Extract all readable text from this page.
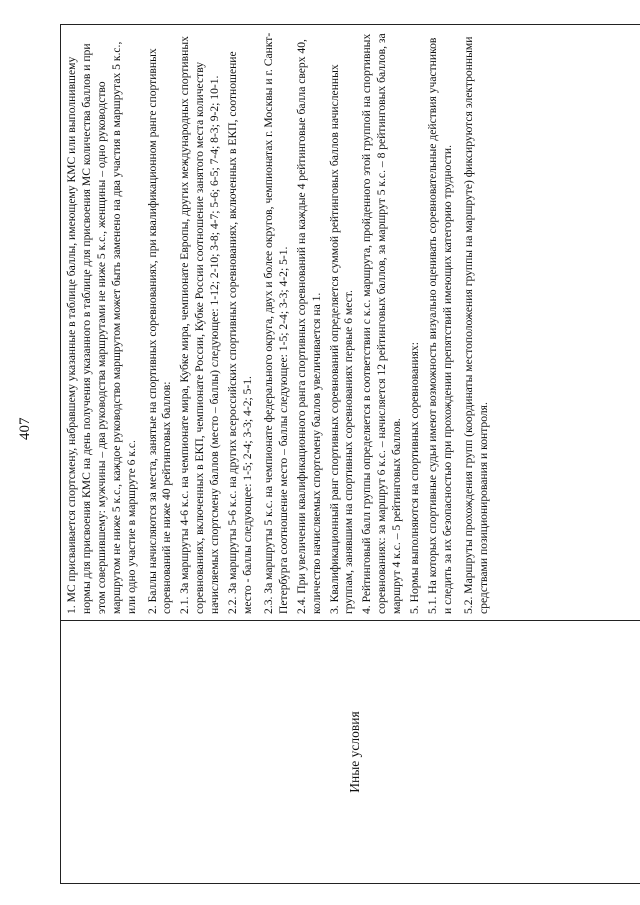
407
Иные условия

1. МС присваивается спортсмену, набравшему указанные в таблице баллы, имеющему КМС или выполнившему нормы для присвоения КМС на день получения указанного в таблице для присвоения МС количества баллов и при этом совершившему: мужчины – два руководства маршрутами не ниже 5 к.с., женщины – одно руководство маршрутом не ниже 5 к.с., каждое руководство маршрутом может быть заменено на два участия в маршрутах 5 к.с., или одно участие в маршруте 6 к.с. 2. Баллы начисляются за места, занятые на спортивных соревнованиях, при квалификационном ранге спортивных соревнований не ниже 40 рейтинговых баллов: 2.1. За маршруты 4-6 к.с. на чемпионате мира, Кубке мира, чемпионате Европы, других международных спортивных соревнованиях, включенных в ЕКП, чемпионате России, Кубке России соотношение занятого места количеству начисляемых спортсмену баллов (место – баллы) следующее: 1-12; 2-10; 3-8; 4-7; 5-6; 6-5; 7-4; 8-3; 9-2; 10-1. 2.2. За маршруты 5-6 к.с. на других всероссийских спортивных соревнованиях, включенных в ЕКП, соотношение место - баллы следующее: 1-5; 2-4; 3-3; 4-2; 5-1. 2.3. За маршруты 5 к.с. на чемпионате федерального округа, двух и более округов, чемпионатах г. Москвы и г. Санкт-Петербурга соотношение место – баллы следующее: 1-5; 2-4; 3-3; 4-2; 5-1. 2.4. При увеличении квалификационного ранга спортивных соревнований на каждые 4 рейтинговые балла сверх 40, количество начисляемых спортсмену баллов увеличивается на 1. 3. Квалификационный ранг спортивных соревнований определяется суммой рейтинговых баллов начисленных группам, занявшим на спортивных соревнованиях первые 6 мест. 4. Рейтинговый балл группы определяется в соответствии с к.с. маршрута, пройденного этой группой на спортивных соревнованиях: за маршрут 6 к.с. – начисляется 12 рейтинговых баллов, за маршрут 5 к.с. – 8 рейтинговых баллов, за маршрут 4 к.с. – 5 рейтинговых баллов. 5. Нормы выполняются на спортивных соревнованиях: 5.1. На которых спортивные судьи имеют возможность визуально оценивать соревновательные действия участников и следить за их безопасностью при прохождении препятствий имеющих категорию трудности. 5.2. Маршруты прохождения групп (координаты местоположения группы на маршруте) фиксируются электронными средствами позиционирования и контроля.
